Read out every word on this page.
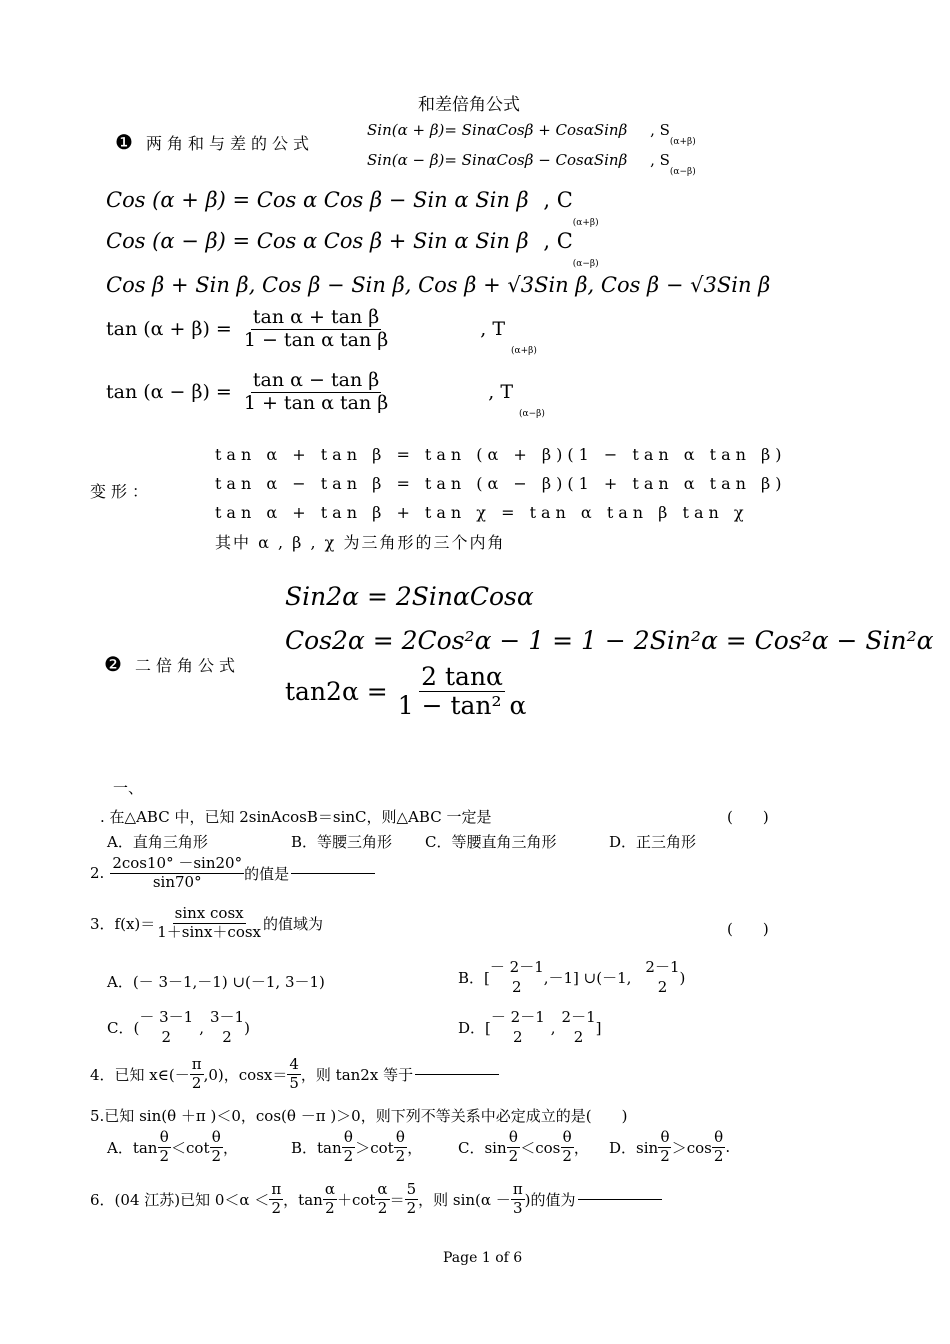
和差倍角公式
❶ 两角和与差的公式
Sin(α + β)= SinαCosβ + CosαSinβ , $S_{(\alpha+\beta)}$
Sin(α − β)= SinαCosβ − CosαSinβ , $S_{(\alpha-\beta)}$
Cos (α + β) = Cos α Cos β − Sin α Sin β , $C_{(\alpha+\beta)}$
Cos (α − β) = Cos α Cos β + Sin α Sin β , $C_{(\alpha-\beta)}$
Cos β + Sin β, Cos β − Sin β, Cos β + √3Sin β, Cos β − √3Sin β
$\tan (\alpha + \beta) = \frac{\text{tan α + tan β}}{\text{1 − tan α tan β}}$	, T
(α+β)
$\tan (\alpha - \beta) = \frac{\text{tan α − tan β}}{\text{1 + tan α tan β}}$	, T
(α−β)
变形：
tan α + tan β = tan (α + β)(1 − tan α tan β)
tan α − tan β = tan (α − β)(1 + tan α tan β)
tan α + tan β + tan χ = tan α tan β tan χ
其中 α , β , χ 为三角形的三个内角
Sin2α = 2SinαCosα
Cos2α = 2Cos²α − 1 = 1 − 2Sin²α = Cos²α − Sin²α
❷ 二倍角公式
$\tan 2\alpha = \frac{2 \tan\alpha}{\text{1 − tan² α}}$
一、
. 在△ABC 中，已知 2sinAcosB＝sinC，则△ABC 一定是	(　　)
A．直角三角形	B．等腰三角形 C．等腰直角三角形	D．正三角形
2. $\frac{2\cos 10^\circ -\sin 20^\circ}{\sin 70^\circ}$ 的值是
3．$f(x)= \frac{\text{sinx cosx}}{1+\sin x+\cos x}$ 的值域为	(　　)
A．(－ 3－1,－1) ∪(－1, 3－1)	B．[
－ 2－1
2 ,－1] ∪(－1,
2－1
2 )
C．(
－ 3－1
2 ,
3－1
2 )	D．[
－ 2－1
2 ,
2－1
2 ]
4．已知 x∈(－ $\frac{\pi}{2} ,0$)，$\cos x= \frac{4}{5}$ ，则 tan2x 等于
5.已知 sin(θ ＋π )＜0，cos(θ －π )＞0，则下列不等关系中必定成立的是(　　)
A．$\tan \frac{\theta}{2} <\cot \frac{\theta}{2}$ ，	B．$\tan \frac{\theta}{2} >\cot \frac{\theta}{2}$ ， C．$\sin \frac{\theta}{2} <\cos \frac{\theta}{2}$ ， D．$\sin \frac{\theta}{2} >\cos \frac{\theta}{2}$ .
6．(04 江苏)已知 $0<\alpha < \frac{\pi}{2}$ ，$\tan \frac{\alpha}{2} +\cot \frac{\alpha}{2} = \frac{5}{2}$ ，则 $\sin(\alpha - \frac{\pi}{3}$ )的值为
Page 1 of 6
